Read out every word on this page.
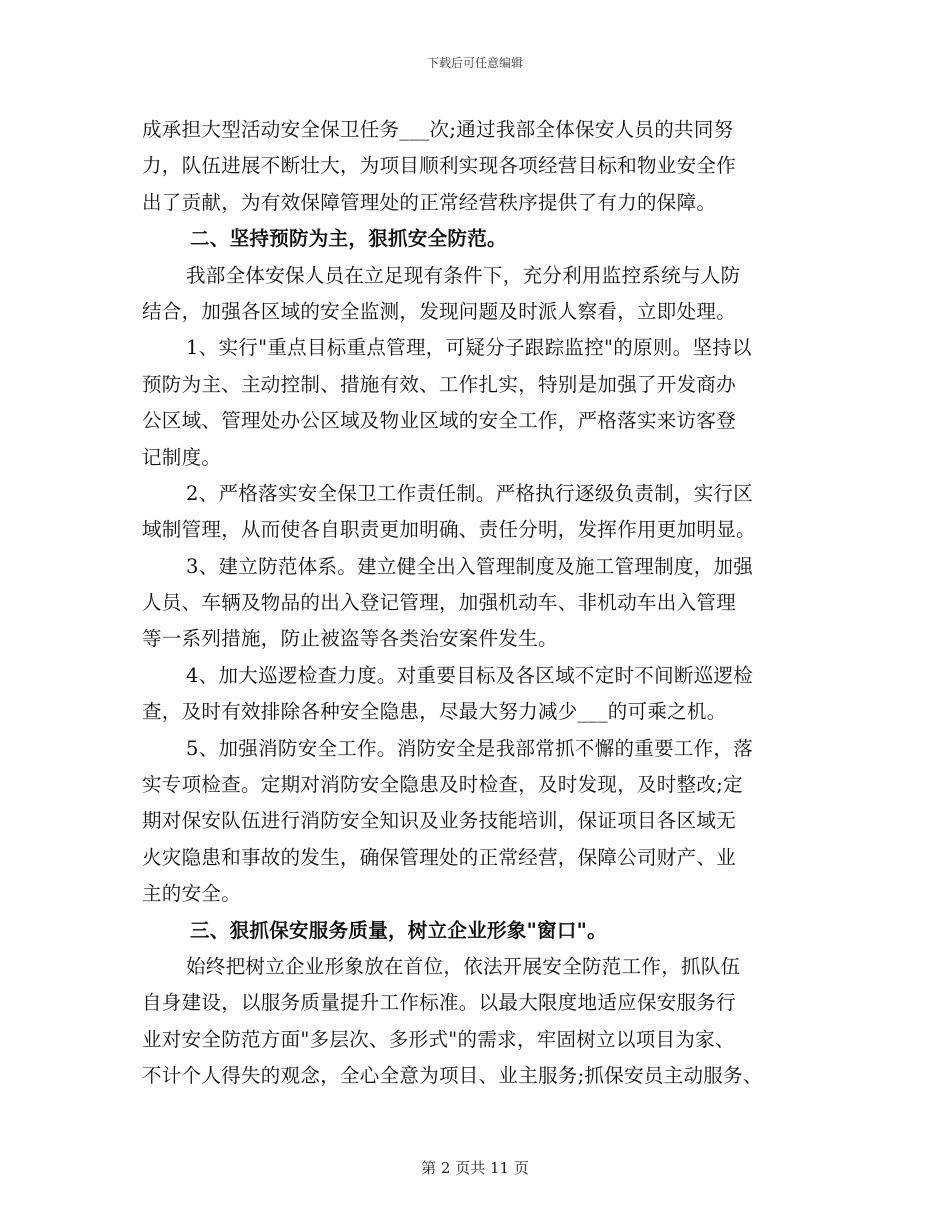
下载后可任意编辑
成承担大型活动安全保卫任务___次;通过我部全体保安人员的共同努
力，队伍进展不断壮大，为项目顺利实现各项经营目标和物业安全作
出了贡献，为有效保障管理处的正常经营秩序提供了有力的保障。
二、坚持预防为主，狠抓安全防范。
我部全体安保人员在立足现有条件下，充分利用监控系统与人防
结合，加强各区域的安全监测，发现问题及时派人察看，立即处理。
1、实行"重点目标重点管理，可疑分子跟踪监控"的原则。坚持以
预防为主、主动控制、措施有效、工作扎实，特别是加强了开发商办
公区域、管理处办公区域及物业区域的安全工作，严格落实来访客登
记制度。
2、严格落实安全保卫工作责任制。严格执行逐级负责制，实行区
域制管理，从而使各自职责更加明确、责任分明，发挥作用更加明显。
3、建立防范体系。建立健全出入管理制度及施工管理制度，加强
人员、车辆及物品的出入登记管理，加强机动车、非机动车出入管理
等一系列措施，防止被盗等各类治安案件发生。
4、加大巡逻检查力度。对重要目标及各区域不定时不间断巡逻检
查，及时有效排除各种安全隐患，尽最大努力减少___的可乘之机。
5、加强消防安全工作。消防安全是我部常抓不懈的重要工作，落
实专项检查。定期对消防安全隐患及时检查，及时发现，及时整改;定
期对保安队伍进行消防安全知识及业务技能培训，保证项目各区域无
火灾隐患和事故的发生，确保管理处的正常经营，保障公司财产、业
主的安全。
三、狠抓保安服务质量，树立企业形象"窗口"。
始终把树立企业形象放在首位，依法开展安全防范工作，抓队伍
自身建设，以服务质量提升工作标准。以最大限度地适应保安服务行
业对安全防范方面"多层次、多形式"的需求，牢固树立以项目为家、
不计个人得失的观念，全心全意为项目、业主服务;抓保安员主动服务、
第 2 页共 11 页
